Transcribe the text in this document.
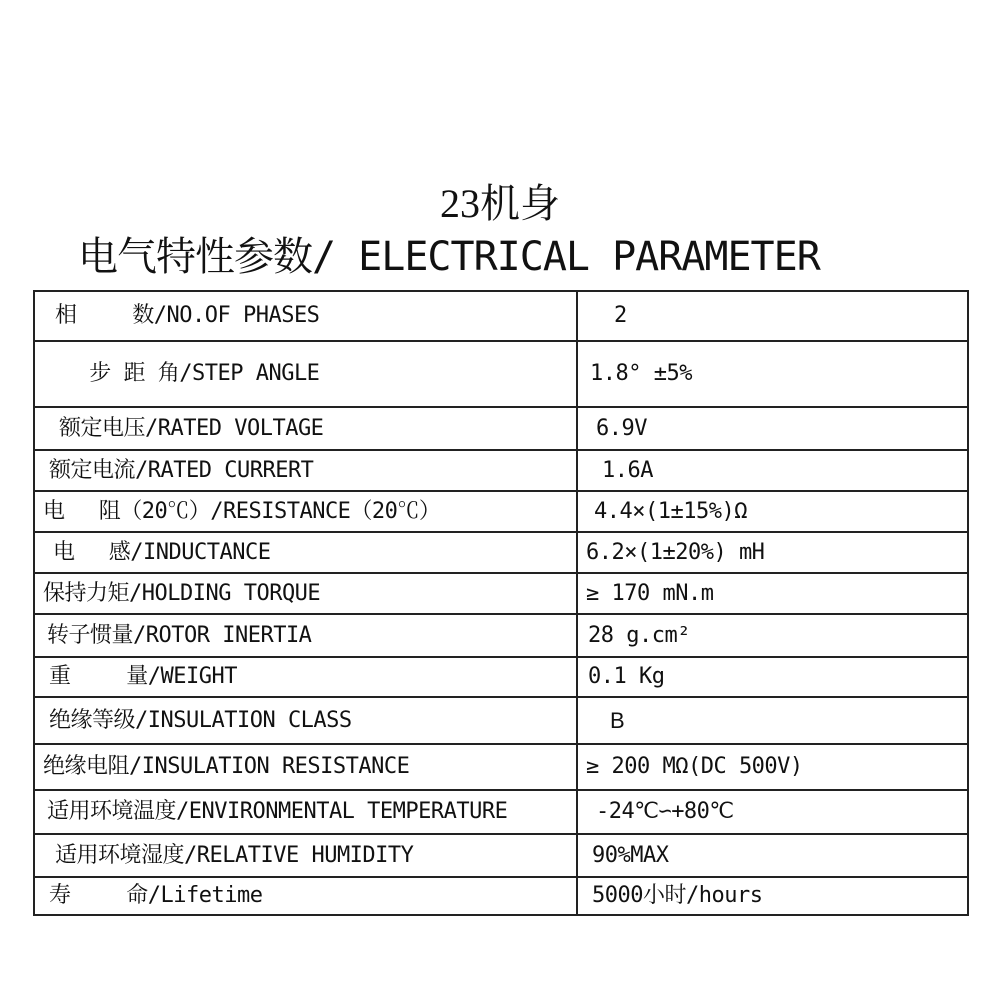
23机身
电气特性参数/ ELECTRICAL PARAMETER
相　　 数/NO.OF PHASES	2
　 步 距 角/STEP ANGLE	1.8° ±5%
额定电压/RATED VOLTAGE	6.9V
额定电流/RATED CURRERT	1.6A
电　 阻（20℃）/RESISTANCE（20℃）	4.4×(1±15%)Ω
电　 感/INDUCTANCE	6.2×(1±20%) mH
保持力矩/HOLDING TORQUE	≥ 170 mN.m
转子惯量/ROTOR INERTIA	28 g.cm²
重　　 量/WEIGHT	0.1 Kg
绝缘等级/INSULATION CLASS	B
绝缘电阻/INSULATION RESISTANCE	≥ 200 MΩ(DC 500V)
适用环境温度/ENVIRONMENTAL TEMPERATURE	-24℃∽+80℃
适用环境湿度/RELATIVE HUMIDITY	90%MAX
寿　　 命/Lifetime	5000小时/hours
